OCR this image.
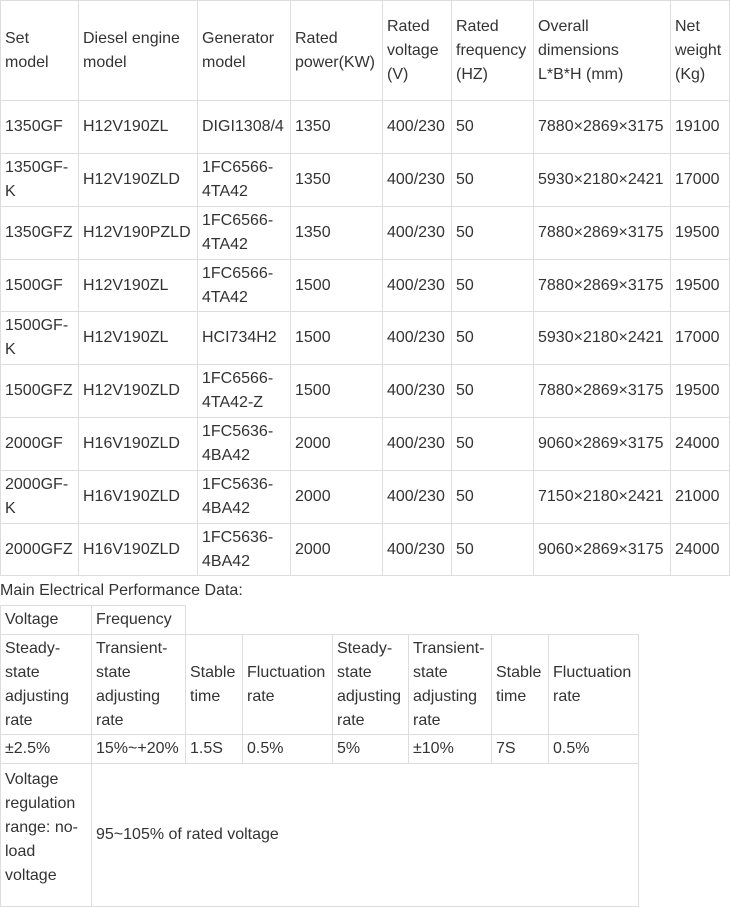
Set model	Diesel engine model	Generator model	Rated power(KW)	Rated voltage (V)	Rated frequency (HZ)	Overall dimensions L*B*H (mm)	Net weight (Kg)
1350GF	H12V190ZL	DIGI1308/4	1350	400/230	50	7880×2869×3175	19100
1350GF-K	H12V190ZLD	1FC6566-4TA42	1350	400/230	50	5930×2180×2421	17000
1350GFZ	H12V190PZLD	1FC6566-4TA42	1350	400/230	50	7880×2869×3175	19500
1500GF	H12V190ZL	1FC6566-4TA42	1500	400/230	50	7880×2869×3175	19500
1500GF-K	H12V190ZL	HCI734H2	1500	400/230	50	5930×2180×2421	17000
1500GFZ	H12V190ZLD	1FC6566-4TA42-Z	1500	400/230	50	7880×2869×3175	19500
2000GF	H16V190ZLD	1FC5636-4BA42	2000	400/230	50	9060×2869×3175	24000
2000GF-K	H16V190ZLD	1FC5636-4BA42	2000	400/230	50	7150×2180×2421	21000
2000GFZ	H16V190ZLD	1FC5636-4BA42	2000	400/230	50	9060×2869×3175	24000
Main Electrical Performance Data:
Voltage	Frequency						
Steady-state adjusting rate	Transient-state adjusting rate	Stable time	Fluctuation rate	Steady-state adjusting rate	Transient-state adjusting rate	Stable time	Fluctuation rate
±2.5%	15%~+20%	1.5S	0.5%	5%	±10%	7S	0.5%
Voltage regulation range: no-load voltage	95~105% of rated voltage						
